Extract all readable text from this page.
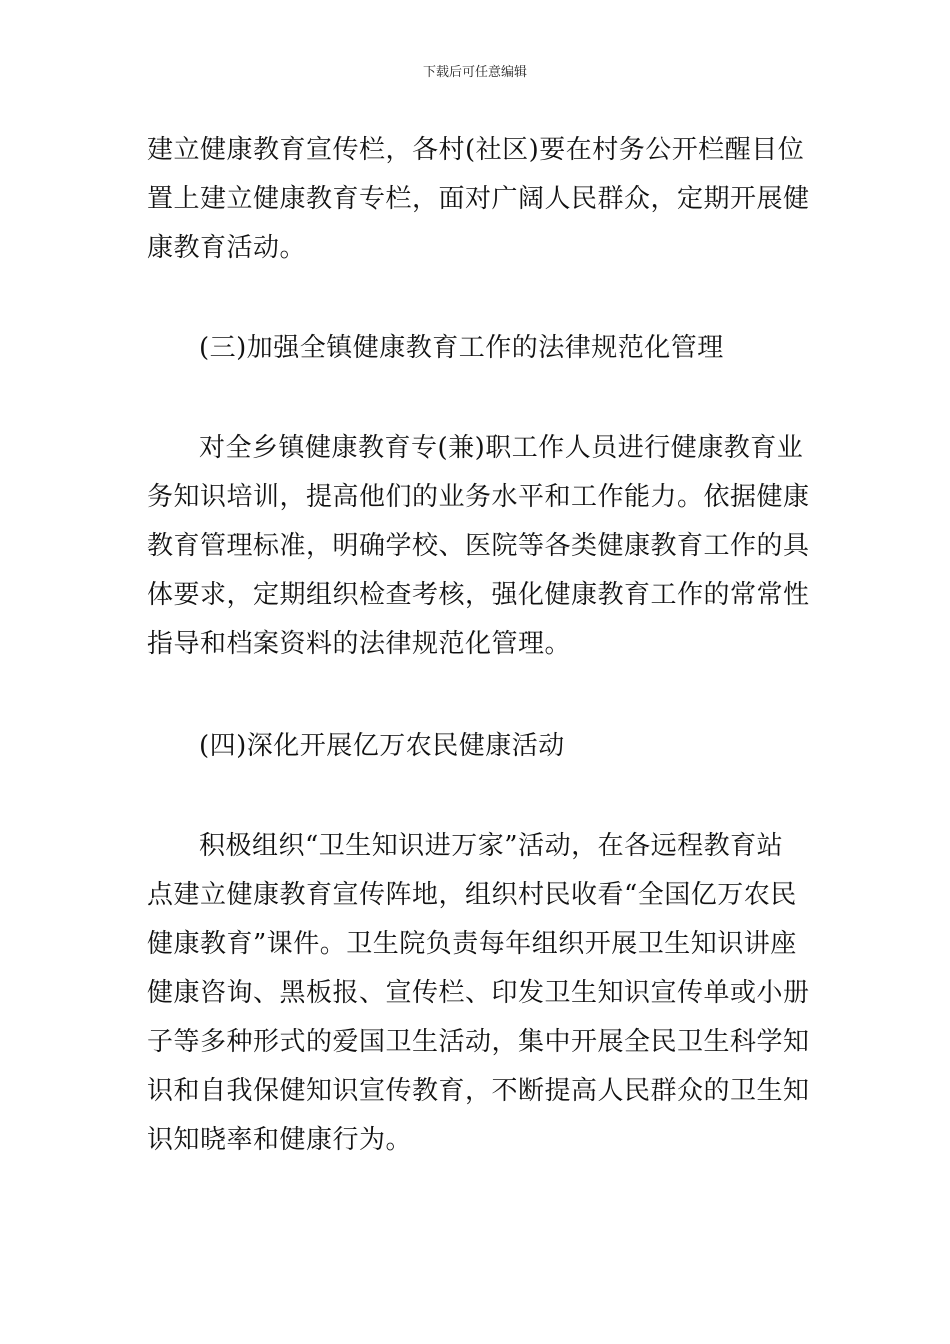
下载后可任意编辑
建立健康教育宣传栏，各村(社区)要在村务公开栏醒目位
置上建立健康教育专栏，面对广阔人民群众，定期开展健
康教育活动。
(三)加强全镇健康教育工作的法律规范化管理
对全乡镇健康教育专(兼)职工作人员进行健康教育业
务知识培训，提高他们的业务水平和工作能力。依据健康
教育管理标准，明确学校、医院等各类健康教育工作的具
体要求，定期组织检查考核，强化健康教育工作的常常性
指导和档案资料的法律规范化管理。
(四)深化开展亿万农民健康活动
积极组织“卫生知识进万家”活动，在各远程教育站
点建立健康教育宣传阵地，组织村民收看“全国亿万农民
健康教育”课件。卫生院负责每年组织开展卫生知识讲座
健康咨询、黑板报、宣传栏、印发卫生知识宣传单或小册
子等多种形式的爱国卫生活动，集中开展全民卫生科学知
识和自我保健知识宣传教育，不断提高人民群众的卫生知
识知晓率和健康行为。
